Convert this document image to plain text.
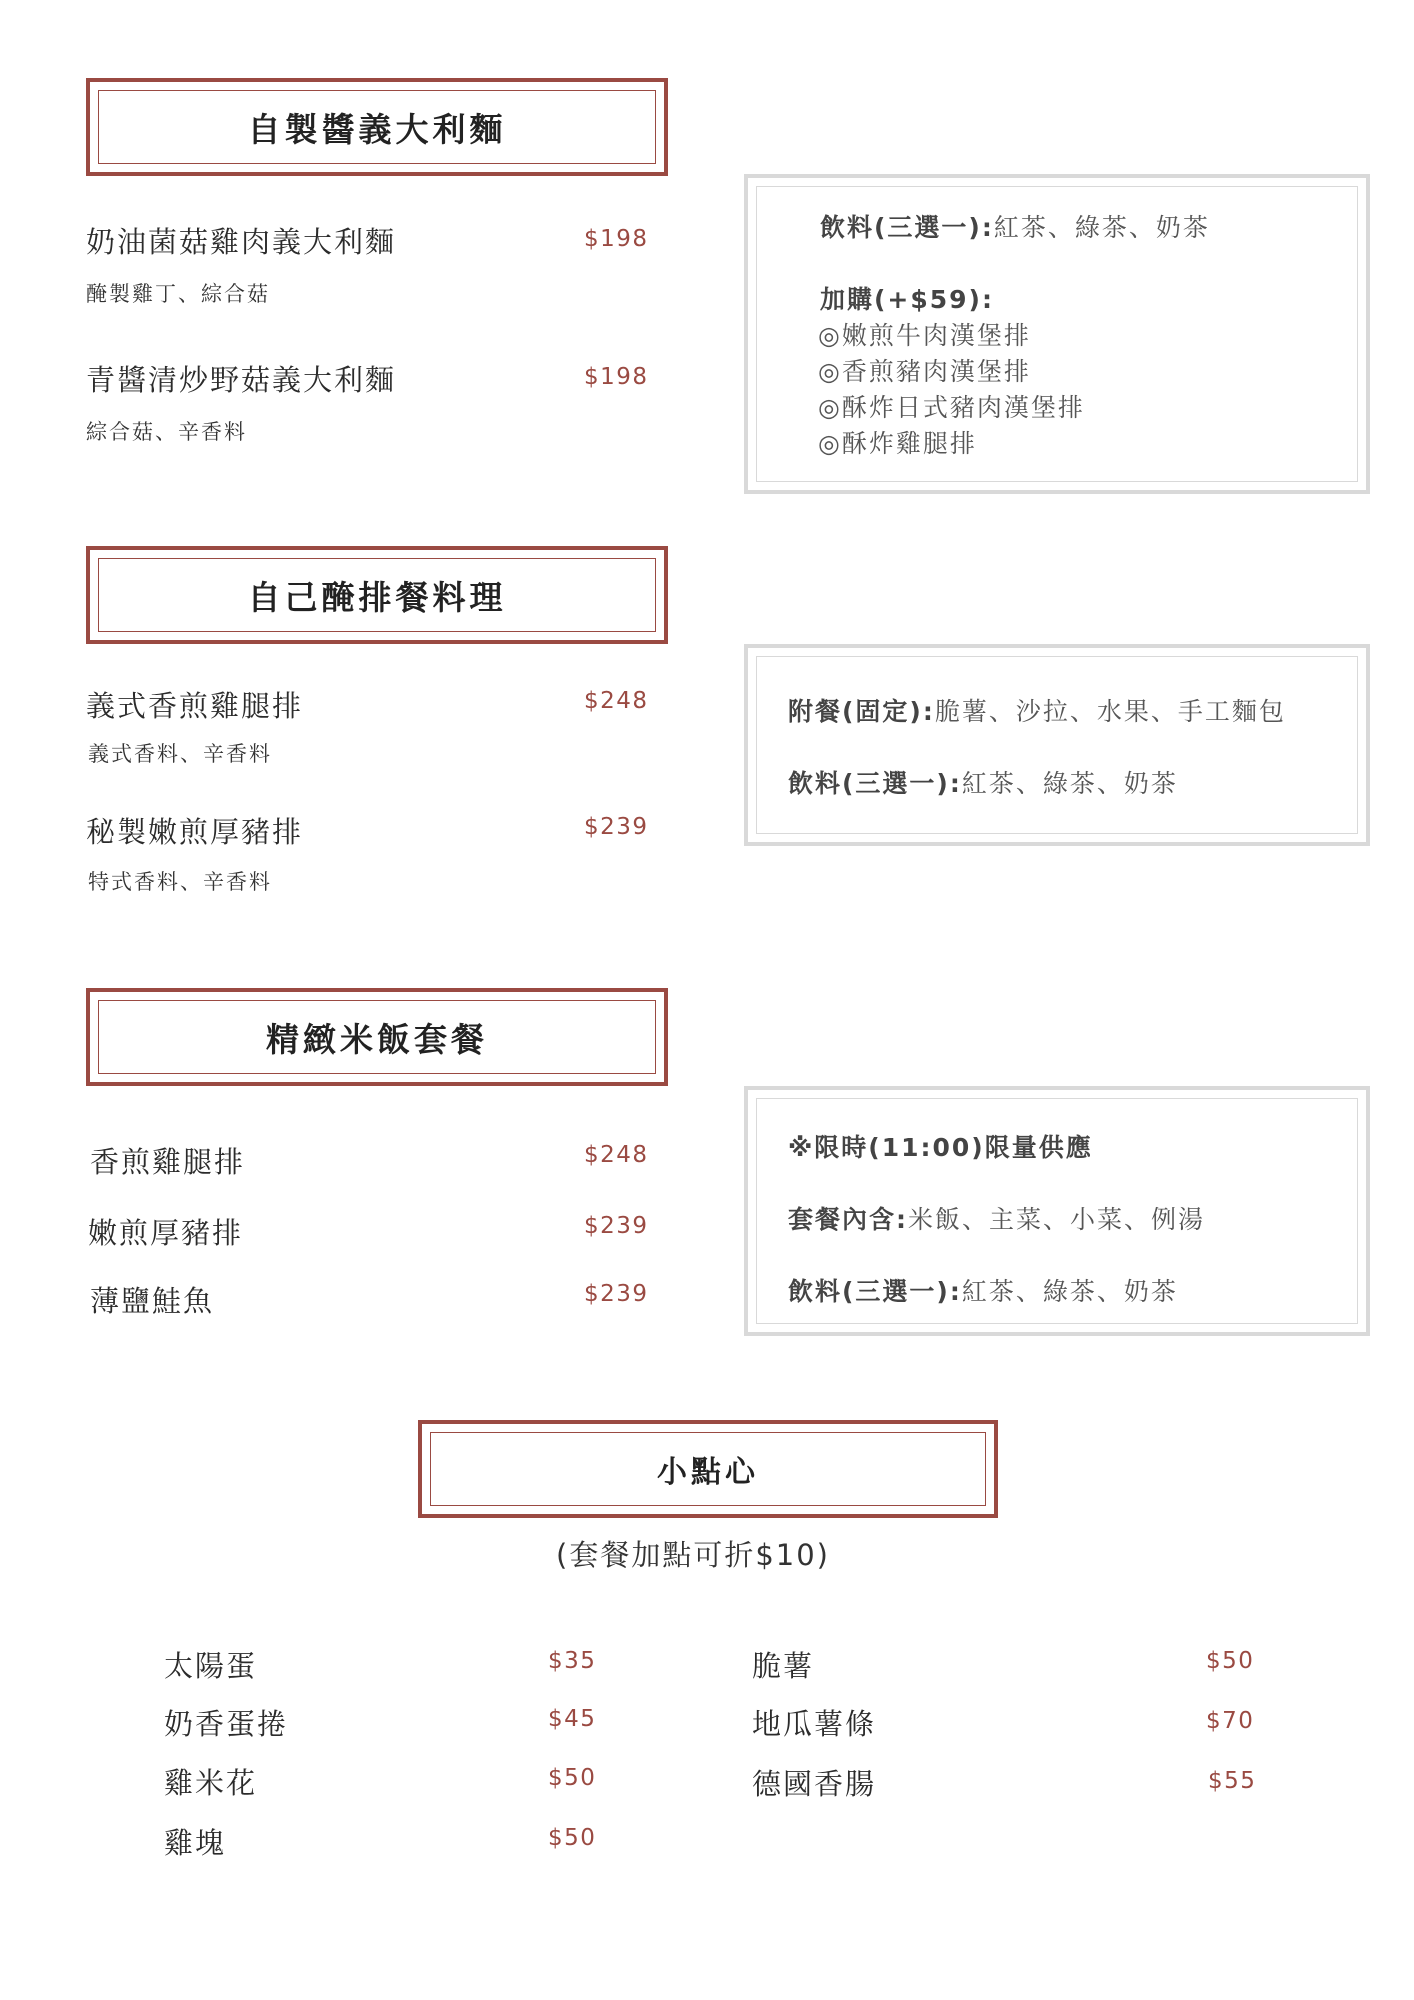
自製醬義大利麵
奶油菌菇雞肉義大利麵	$198
醃製雞丁、綜合菇
青醬清炒野菇義大利麵	$198
綜合菇、辛香料
飲料(三選一):紅茶、綠茶、奶茶
加購(+$59):
◎嫩煎牛肉漢堡排
◎香煎豬肉漢堡排
◎酥炸日式豬肉漢堡排
◎酥炸雞腿排
自己醃排餐料理
義式香煎雞腿排	$248
義式香料、辛香料
秘製嫩煎厚豬排	$239
特式香料、辛香料
附餐(固定):脆薯、沙拉、水果、手工麵包
飲料(三選一):紅茶、綠茶、奶茶
精緻米飯套餐
香煎雞腿排	$248
嫩煎厚豬排	$239
薄鹽鮭魚	$239
※限時(11:00)限量供應
套餐內含:米飯、主菜、小菜、例湯
飲料(三選一):紅茶、綠茶、奶茶
小點心
(套餐加點可折$10)
太陽蛋	$35
奶香蛋捲	$45
雞米花	$50
雞塊	$50
脆薯	$50
地瓜薯條	$70
德國香腸	$55
